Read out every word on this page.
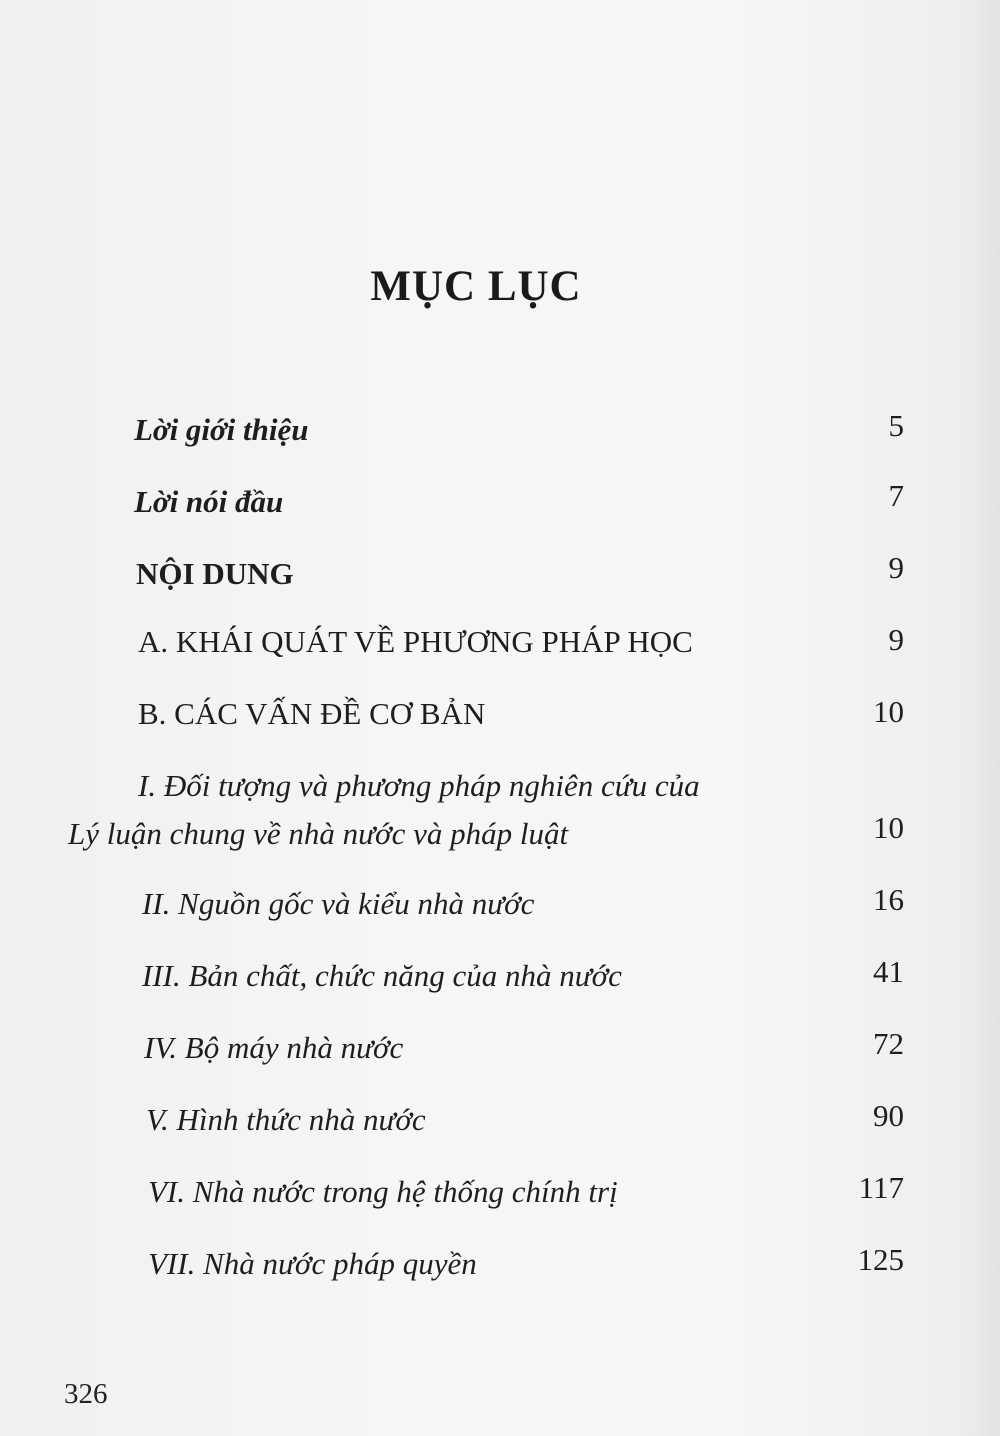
MỤC LỤC
Lời giới thiệu	5
Lời nói đầu	7
NỘI DUNG	9
A. KHÁI QUÁT VỀ PHƯƠNG PHÁP HỌC	9
B. CÁC VẤN ĐỀ CƠ BẢN	10
I. Đối tượng và phương pháp nghiên cứu của
Lý luận chung về nhà nước và pháp luật	10
II. Nguồn gốc và kiểu nhà nước	16
III. Bản chất, chức năng của nhà nước	41
IV. Bộ máy nhà nước	72
V. Hình thức nhà nước	90
VI. Nhà nước trong hệ thống chính trị	117
VII. Nhà nước pháp quyền	125
326
